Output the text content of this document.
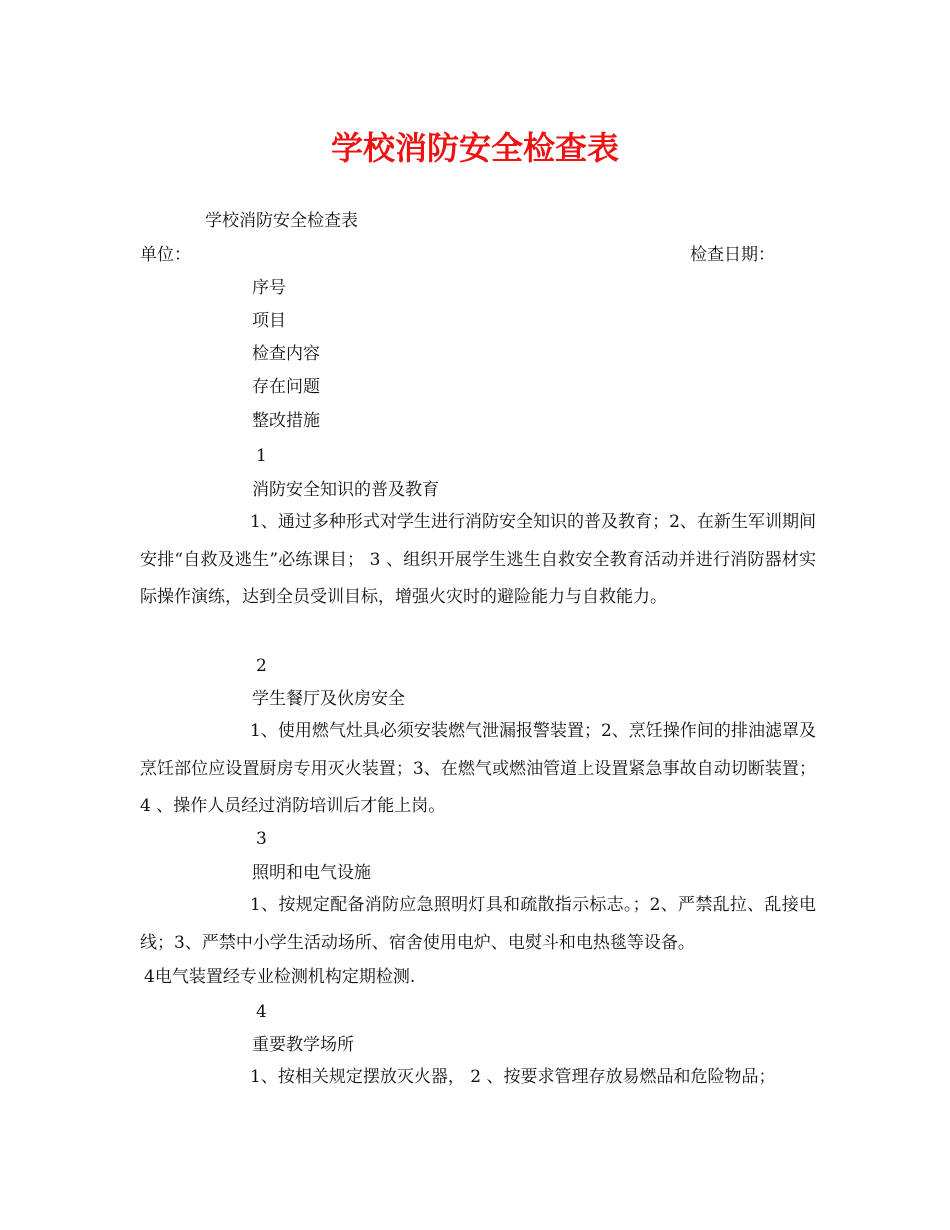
学校消防安全检查表
学校消防安全检查表
单位：	检查日期：
序号
项目
检查内容
存在问题
整改措施
1
消防安全知识的普及教育
1、通过多种形式对学生进行消防安全知识的普及教育；2、在新生军训期间安排“自救及逃生”必练课目； 3 、组织开展学生逃生自救安全教育活动并进行消防器材实际操作演练，达到全员受训目标，增强火灾时的避险能力与自救能力。
2
学生餐厅及伙房安全
1、使用燃气灶具必须安装燃气泄漏报警装置；2、烹饪操作间的排油滤罩及烹饪部位应设置厨房专用灭火装置；3、在燃气或燃油管道上设置紧急事故自动切断装置； 4 、操作人员经过消防培训后才能上岗。
3
照明和电气设施
1、按规定配备消防应急照明灯具和疏散指示标志。；2、严禁乱拉、乱接电线；3、严禁中小学生活动场所、宿舍使用电炉、电熨斗和电热毯等设备。
4电气装置经专业检测机构定期检测.
4
重要教学场所
1、按相关规定摆放灭火器， 2 、按要求管理存放易燃品和危险物品；
